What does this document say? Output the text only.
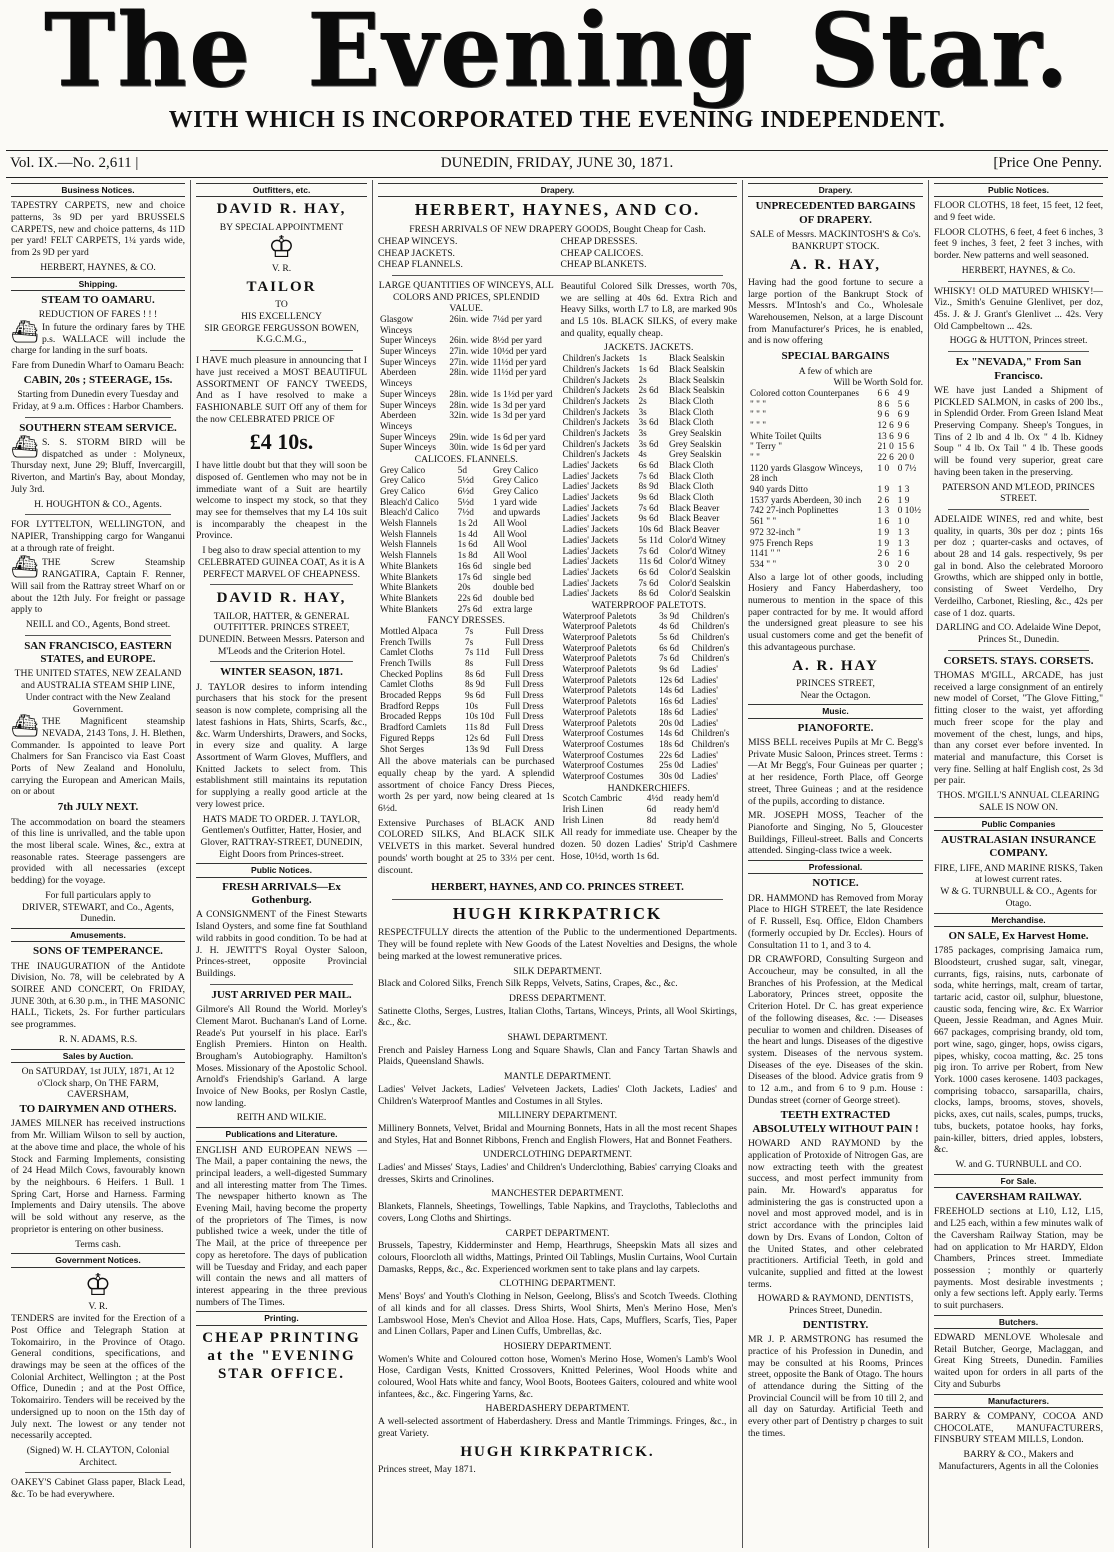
The Evening Star.
WITH WHICH IS INCORPORATED THE EVENING INDEPENDENT.
Vol. IX.—No. 2,611 |	DUNEDIN, FRIDAY, JUNE 30, 1871.	[Price One Penny.
Business Notices.
TAPESTRY CARPETS, new and choice patterns, 3s 9D per yard BRUSSELS CARPETS, new and choice patterns, 4s 11D per yard! FELT CARPETS, 1¼ yards wide, from 2s 9D per yard
HERBERT, HAYNES, & CO.
Shipping.
STEAM TO OAMARU.
REDUCTION OF FARES ! ! !
⛴ In future the ordinary fares by THE p.s. WALLACE will include the charge for landing in the surf boats.
Fare from Dunedin Wharf to Oamaru Beach:
CABIN, 20s ; STEERAGE, 15s.
Starting from Dunedin every Tuesday and Friday, at 9 a.m. Offices : Harbor Chambers.
SOUTHERN STEAM SERVICE.
⛴ S. S. STORM BIRD will be dispatched as under : Molyneux, Thursday next, June 29; Bluff, Invercargill, Riverton, and Martin's Bay, about Monday, July 3rd.
H. HOUGHTON & CO., Agents.
FOR LYTTELTON, WELLINGTON, and NAPIER, Transhipping cargo for Wanganui at a through rate of freight.
⛴ THE Screw Steamship RANGATIRA, Captain F. Renner, Will sail from the Rattray street Wharf on or about the 12th July. For freight or passage apply to
NEILL and CO., Agents, Bond street.
SAN FRANCISCO, EASTERN STATES, and EUROPE.
THE UNITED STATES, NEW ZEALAND and AUSTRALIA STEAM SHIP LINE, Under contract with the New Zealand Government.
⛴ THE Magnificent steamship NEVADA, 2143 Tons, J. H. Blethen, Commander. Is appointed to leave Port Chalmers for San Francisco via East Coast Ports of New Zealand and Honolulu, carrying the European and American Mails, on or about
7th JULY NEXT.
The accommodation on board the steamers of this line is unrivalled, and the table upon the most liberal scale. Wines, &c., extra at reasonable rates. Steerage passengers are provided with all necessaries (except bedding) for the voyage.
For full particulars apply to
DRIVER, STEWART, and Co., Agents, Dunedin.
Amusements.
SONS OF TEMPERANCE.
THE INAUGURATION of the Antidote Division, No. 78, will be celebrated by A SOIREE AND CONCERT, On FRIDAY, JUNE 30th, at 6.30 p.m., in THE MASONIC HALL, Tickets, 2s. For further particulars see programmes.
R. N. ADAMS, R.S.
Sales by Auction.
On SATURDAY, 1st JULY, 1871, At 12 o'Clock sharp, On THE FARM, CAVERSHAM,
TO DAIRYMEN AND OTHERS.
JAMES MILNER has received instructions from Mr. William Wilson to sell by auction, at the above time and place, the whole of his Stock and Farming Implements, consisting of 24 Head Milch Cows, favourably known by the neighbours. 6 Heifers. 1 Bull. 1 Spring Cart, Horse and Harness. Farming Implements and Dairy utensils. The above will be sold without any reserve, as the proprietor is entering on other business.
Terms cash.
Government Notices.
♔
V. R.
TENDERS are invited for the Erection of a Post Office and Telegraph Station at Tokomairiro, in the Province of Otago. General conditions, specifications, and drawings may be seen at the offices of the Colonial Architect, Wellington ; at the Post Office, Dunedin ; and at the Post Office, Tokomairiro. Tenders will be received by the undersigned up to noon on the 15th day of July next. The lowest or any tender not necessarily accepted.
(Signed) W. H. CLAYTON, Colonial Architect.
OAKEY'S Cabinet Glass paper, Black Lead, &c. To be had everywhere.
Outfitters, etc.
DAVID R. HAY,
BY SPECIAL APPOINTMENT
♔
V. R.
TAILOR
TO
HIS EXCELLENCY
SIR GEORGE FERGUSSON BOWEN, K.G.C.M.G.,
I HAVE much pleasure in announcing that I have just received a MOST BEAUTIFUL ASSORTMENT OF FANCY TWEEDS, And as I have resolved to make a FASHIONABLE SUIT Off any of them for the now CELEBRATED PRICE OF
£4 10s.
I have little doubt but that they will soon be disposed of. Gentlemen who may not be in immediate want of a Suit are heartily welcome to inspect my stock, so that they may see for themselves that my L4 10s suit is incomparably the cheapest in the Province.
I beg also to draw special attention to my CELEBRATED GUINEA COAT, As it is A PERFECT MARVEL OF CHEAPNESS.
DAVID R. HAY,
TAILOR, HATTER, & GENERAL OUTFITTER. PRINCES STREET, DUNEDIN. Between Messrs. Paterson and M'Leods and the Criterion Hotel.
WINTER SEASON, 1871.
J. TAYLOR desires to inform intending purchasers that his stock for the present season is now complete, comprising all the latest fashions in Hats, Shirts, Scarfs, &c., &c. Warm Undershirts, Drawers, and Socks, in every size and quality. A large Assortment of Warm Gloves, Mufflers, and Knitted Jackets to select from. This establishment still maintains its reputation for supplying a really good article at the very lowest price.
HATS MADE TO ORDER. J. TAYLOR, Gentlemen's Outfitter, Hatter, Hosier, and Glover, RATTRAY-STREET, DUNEDIN, Eight Doors from Princes-street.
Public Notices.
FRESH ARRIVALS—Ex Gothenburg.
A CONSIGNMENT of the Finest Stewarts Island Oysters, and some fine fat Southland wild rabbits in good condition. To be had at J. H. JEWITT'S Royal Oyster Saloon, Princes-street, opposite Provincial Buildings.
JUST ARRIVED PER MAIL.
Gilmore's All Round the World. Morley's Clement Marot. Buchanan's Land of Lorne. Reade's Put yourself in his place. Earl's English Premiers. Hinton on Health. Brougham's Autobiography. Hamilton's Moses. Missionary of the Apostolic School. Arnold's Friendship's Garland. A large Invoice of New Books, per Roslyn Castle, now landing.
REITH AND WILKIE.
Publications and Literature.
ENGLISH AND EUROPEAN NEWS —The Mail, a paper containing the news, the principal leaders, a well-digested Summary and all interesting matter from The Times. The newspaper hitherto known as The Evening Mail, having become the property of the proprietors of The Times, is now published twice a week, under the title of The Mail, at the price of threepence per copy as heretofore. The days of publication will be Tuesday and Friday, and each paper will contain the news and all matters of interest appearing in the three previous numbers of The Times.
Printing.
CHEAP PRINTING at the "EVENING STAR OFFICE.
Drapery.
HERBERT, HAYNES, AND CO.
FRESH ARRIVALS OF NEW DRAPERY GOODS, Bought Cheap for Cash.
CHEAP WINCEYS.
CHEAP JACKETS.
CHEAP FLANNELS.
CHEAP DRESSES.
CHEAP CALICOES.
CHEAP BLANKETS.
LARGE QUANTITIES OF WINCEYS, ALL COLORS AND PRICES, SPLENDID VALUE.
Glasgow Winceys	26in. wide	7¼d per yard
Super Winceys	26in. wide	8½d per yard
Super Winceys	27in. wide	10½d per yard
Super Winceys	27in. wide	11½d per yard
Aberdeen Winceys	28in. wide	11½d per yard
Super Winceys	28in. wide	1s 1½d per yard
Super Winceys	28in. wide	1s 3d per yard
Aberdeen Winceys	32in. wide	1s 3d per yard
Super Winceys	29in. wide	1s 6d per yard
Super Winceys	30in. wide	1s 6d per yard
CALICOES. FLANNELS.
Grey Calico	5d	Grey Calico
Grey Calico	5½d	Grey Calico
Grey Calico	6½d	Grey Calico
Bleach'd Calico	5½d	1 yard wide
Bleach'd Calico	7½d	and upwards
Welsh Flannels	1s 2d	All Wool
Welsh Flannels	1s 4d	All Wool
Welsh Flannels	1s 6d	All Wool
Welsh Flannels	1s 8d	All Wool
White Blankets	16s 6d	single bed
White Blankets	17s 6d	single bed
White Blankets	20s	double bed
White Blankets	22s 6d	double bed
White Blankets	27s 6d	extra large
FANCY DRESSES.
Mottled Alpaca	7s	Full Dress
French Twills	7s	Full Dress
Camlet Cloths	7s 11d	Full Dress
French Twills	8s	Full Dress
Checked Poplins	8s 6d	Full Dress
Camlet Cloths	8s 9d	Full Dress
Brocaded Repps	9s 6d	Full Dress
Bradford Repps	10s	Full Dress
Brocaded Repps	10s 10d	Full Dress
Bradford Camlets	11s 8d	Full Dress
Figured Repps	12s 6d	Full Dress
Shot Serges	13s 9d	Full Dress
All the above materials can be purchased equally cheap by the yard. A splendid assortment of choice Fancy Dress Pieces, worth 2s per yard, now being cleared at 1s 6½d.
Extensive Purchases of BLACK AND COLORED SILKS, And BLACK SILK VELVETS in this market. Several hundred pounds' worth bought at 25 to 33⅓ per cent. discount.
Beautiful Colored Silk Dresses, worth 70s, we are selling at 40s 6d. Extra Rich and Heavy Silks, worth L7 to L8, are marked 90s and L5 10s. BLACK SILKS, of every make and quality, equally cheap.
JACKETS. JACKETS.
Children's Jackets	1s	Black Sealskin
Children's Jackets	1s 6d	Black Sealskin
Children's Jackets	2s	Black Sealskin
Children's Jackets	2s 6d	Black Sealskin
Children's Jackets	2s	Black Cloth
Children's Jackets	3s	Black Cloth
Children's Jackets	3s 6d	Black Cloth
Children's Jackets	3s	Grey Sealskin
Children's Jackets	3s 6d	Grey Sealskin
Children's Jackets	4s	Grey Sealskin
Ladies' Jackets	6s 6d	Black Cloth
Ladies' Jackets	7s 6d	Black Cloth
Ladies' Jackets	8s 9d	Black Cloth
Ladies' Jackets	9s 6d	Black Cloth
Ladies' Jackets	7s 6d	Black Beaver
Ladies' Jackets	9s 6d	Black Beaver
Ladies' Jackets	10s 6d	Black Beaver
Ladies' Jackets	5s 11d	Color'd Witney
Ladies' Jackets	7s 6d	Color'd Witney
Ladies' Jackets	11s 6d	Color'd Witney
Ladies' Jackets	6s 6d	Color'd Sealskin
Ladies' Jackets	7s 6d	Color'd Sealskin
Ladies' Jackets	8s 6d	Color'd Sealskin
WATERPROOF PALETOTS.
Waterproof Paletots	3s 9d	Children's
Waterproof Paletots	4s 6d	Children's
Waterproof Paletots	5s 6d	Children's
Waterproof Paletots	6s 6d	Children's
Waterproof Paletots	7s 6d	Children's
Waterproof Paletots	9s 6d	Ladies'
Waterproof Paletots	12s 6d	Ladies'
Waterproof Paletots	14s 6d	Ladies'
Waterproof Paletots	16s 6d	Ladies'
Waterproof Paletots	18s 6d	Ladies'
Waterproof Paletots	20s 0d	Ladies'
Waterproof Costumes	14s 6d	Children's
Waterproof Costumes	18s 6d	Children's
Waterproof Costumes	22s 6d	Ladies'
Waterproof Costumes	25s 0d	Ladies'
Waterproof Costumes	30s 0d	Ladies'
HANDKERCHIEFS.
Scotch Cambric	4½d	ready hem'd
Irish Linen	6d	ready hem'd
Irish Linen	8d	ready hem'd
All ready for immediate use. Cheaper by the dozen. 50 dozen Ladies' Strip'd Cashmere Hose, 10½d, worth 1s 6d.
HERBERT, HAYNES, AND CO. PRINCES STREET.
HUGH KIRKPATRICK
RESPECTFULLY directs the attention of the Public to the undermentioned Departments. They will be found replete with New Goods of the Latest Novelties and Designs, the whole being marked at the lowest remunerative prices.
SILK DEPARTMENT.
Black and Colored Silks, French Silk Repps, Velvets, Satins, Crapes, &c., &c.
DRESS DEPARTMENT.
Satinette Cloths, Serges, Lustres, Italian Cloths, Tartans, Winceys, Prints, all Wool Skirtings, &c., &c.
SHAWL DEPARTMENT.
French and Paisley Harness Long and Square Shawls, Clan and Fancy Tartan Shawls and Plaids, Queensland Shawls.
MANTLE DEPARTMENT.
Ladies' Velvet Jackets, Ladies' Velveteen Jackets, Ladies' Cloth Jackets, Ladies' and Children's Waterproof Mantles and Costumes in all Styles.
MILLINERY DEPARTMENT.
Millinery Bonnets, Velvet, Bridal and Mourning Bonnets, Hats in all the most recent Shapes and Styles, Hat and Bonnet Ribbons, French and English Flowers, Hat and Bonnet Feathers.
UNDERCLOTHING DEPARTMENT.
Ladies' and Misses' Stays, Ladies' and Children's Underclothing, Babies' carrying Cloaks and dresses, Skirts and Crinolines.
MANCHESTER DEPARTMENT.
Blankets, Flannels, Sheetings, Towellings, Table Napkins, and Traycloths, Tablecloths and covers, Long Cloths and Shirtings.
CARPET DEPARTMENT.
Brussels, Tapestry, Kidderminster and Hemp, Hearthrugs, Sheepskin Mats all sizes and colours, Floorcloth all widths, Mattings, Printed Oil Tablings, Muslin Curtains, Wool Curtain Damasks, Repps, &c., &c. Experienced workmen sent to take plans and lay carpets.
CLOTHING DEPARTMENT.
Mens' Boys' and Youth's Clothing in Nelson, Geelong, Bliss's and Scotch Tweeds. Clothing of all kinds and for all classes. Dress Shirts, Wool Shirts, Men's Merino Hose, Men's Lambswool Hose, Men's Cheviot and Alloa Hose. Hats, Caps, Mufflers, Scarfs, Ties, Paper and Linen Collars, Paper and Linen Cuffs, Umbrellas, &c.
HOSIERY DEPARTMENT.
Women's White and Coloured cotton hose, Women's Merino Hose, Women's Lamb's Wool Hose, Cardigan Vests, Knitted Crossovers, Knitted Pelerines, Wool Hoods white and coloured, Wool Hats white and fancy, Wool Boots, Bootees Gaiters, coloured and white wool infantees, &c., &c. Fingering Yarns, &c.
HABERDASHERY DEPARTMENT.
A well-selected assortment of Haberdashery. Dress and Mantle Trimmings. Fringes, &c., in great Variety.
HUGH KIRKPATRICK.
Princes street, May 1871.
Drapery.
UNPRECEDENTED BARGAINS OF DRAPERY.
SALE of Messrs. MACKINTOSH'S & Co's. BANKRUPT STOCK.
A. R. HAY,
Having had the good fortune to secure a large portion of the Bankrupt Stock of Messrs. M'Intosh's and Co., Wholesale Warehousemen, Nelson, at a large Discount from Manufacturer's Prices, he is enabled, and is now offering
SPECIAL BARGAINS
A few of which are
Will be Worth Sold for.
Colored cotton Counterpanes	6 6	4 9
" " "	8 6	5 6
" " "	9 6	6 9
" " "	12 6	9 6
White Toilet Quilts	13 6	9 6
" Terry "	21 0	15 6
" "	22 6	20 0
1120 yards Glasgow Winceys, 28 inch	1 0	0 7½
940 yards Ditto	1 9	1 3
1537 yards Aberdeen, 30 inch	2 6	1 9
742 27-inch Poplinettes	1 3	0 10½
561 " "	1 6	1 0
972 32-inch "	1 9	1 3
975 French Reps	1 9	1 3
1141 " "	2 6	1 6
534 " "	3 0	2 0
Also a large lot of other goods, including Hosiery and Fancy Haberdashery, too numerous to mention in the space of this paper contracted for by me. It would afford the undersigned great pleasure to see his usual customers come and get the benefit of this advantageous purchase.
A. R. HAY
PRINCES STREET,
Near the Octagon.
Music.
PIANOFORTE.
MISS BELL receives Pupils at Mr C. Begg's Private Music Saloon, Princes street. Terms :—At Mr Begg's, Four Guineas per quarter ; at her residence, Forth Place, off George street, Three Guineas ; and at the residence of the pupils, according to distance.
MR. JOSEPH MOSS, Teacher of the Pianoforte and Singing, No 5, Gloucester Buildings, Filleul-street. Balls and Concerts attended. Singing-class twice a week.
Professional.
NOTICE.
DR. HAMMOND has Removed from Moray Place to HIGH STREET, the late Residence of F. Russell, Esq. Office, Eldon Chambers (formerly occupied by Dr. Eccles). Hours of Consultation 11 to 1, and 3 to 4.
DR CRAWFORD, Consulting Surgeon and Accoucheur, may be consulted, in all the Branches of his Profession, at the Medical Laboratory, Princes street, opposite the Criterion Hotel. Dr C. has great experience of the following diseases, &c. :— Diseases peculiar to women and children. Diseases of the heart and lungs. Diseases of the digestive system. Diseases of the nervous system. Diseases of the eye. Diseases of the skin. Diseases of the blood. Advice gratis from 9 to 12 a.m., and from 6 to 9 p.m. House : Dundas street (corner of George street).
TEETH EXTRACTED ABSOLUTELY WITHOUT PAIN !
HOWARD AND RAYMOND by the application of Protoxide of Nitrogen Gas, are now extracting teeth with the greatest success, and most perfect immunity from pain. Mr. Howard's apparatus for administering the gas is constructed upon a novel and most approved model, and is in strict accordance with the principles laid down by Drs. Evans of London, Colton of the United States, and other celebrated practitioners. Artificial Teeth, in gold and vulcanite, supplied and fitted at the lowest terms.
HOWARD & RAYMOND, DENTISTS, Princes Street, Dunedin.
DENTISTRY.
MR J. P. ARMSTRONG has resumed the practice of his Profession in Dunedin, and may be consulted at his Rooms, Princes street, opposite the Bank of Otago. The hours of attendance during the Sitting of the Provincial Council will be from 10 till 2, and all day on Saturday. Artificial Teeth and every other part of Dentistry p charges to suit the times.
Public Notices.
FLOOR CLOTHS, 18 feet, 15 feet, 12 feet, and 9 feet wide.
FLOOR CLOTHS, 6 feet, 4 feet 6 inches, 3 feet 9 inches, 3 feet, 2 feet 3 inches, with border. New patterns and well seasoned.
HERBERT, HAYNES, & Co.
WHISKY! OLD MATURED WHISKY!—Viz., Smith's Genuine Glenlivet, per doz, 45s. J. & J. Grant's Glenlivet ... 42s. Very Old Campbeltown ... 42s.
HOGG & HUTTON, Princes street.
Ex "NEVADA," From San Francisco.
WE have just Landed a Shipment of PICKLED SALMON, in casks of 200 lbs., in Splendid Order. From Green Island Meat Preserving Company. Sheep's Tongues, in Tins of 2 lb and 4 lb. Ox " 4 lb. Kidney Soup " 4 lb. Ox Tail " 4 lb. These goods will be found very superior, great care having been taken in the preserving.
PATERSON AND M'LEOD, PRINCES STREET.
ADELAIDE WINES, red and white, best quality, in quarts, 30s per doz ; pints 16s per doz ; quarter-casks and octaves, of about 28 and 14 gals. respectively, 9s per gal in bond. Also the celebrated Morooro Growths, which are shipped only in bottle, consisting of Sweet Verdelho, Dry Verdeilho, Carbonet, Riesling, &c., 42s per case of 1 doz. quarts.
DARLING and CO. Adelaide Wine Depot, Princes St., Dunedin.
CORSETS. STAYS. CORSETS.
THOMAS M'GILL, ARCADE, has just received a large consignment of an entirely new model of Corset, "The Glove Fitting," fitting closer to the waist, yet affording much freer scope for the play and movement of the chest, lungs, and hips, than any corset ever before invented. In material and manufacture, this Corset is very fine. Selling at half English cost, 2s 3d per pair.
THOS. M'GILL'S ANNUAL CLEARING SALE IS NOW ON.
Public Companies
AUSTRALASIAN INSURANCE COMPANY.
FIRE, LIFE, AND MARINE RISKS, Taken at lowest current rates.
W & G. TURNBULL & CO., Agents for Otago.
Merchandise.
ON SALE, Ex Harvest Home.
1785 packages, comprising Jamaica rum, Bloodsteurt, crushed sugar, salt, vinegar, currants, figs, raisins, nuts, carbonate of soda, white herrings, malt, cream of tartar, tartaric acid, castor oil, sulphur, bluestone, caustic soda, fencing wire, &c. Ex Warrior Queen, Jessie Readman, and Agnes Muir. 667 packages, comprising brandy, old tom, port wine, sago, ginger, hops, owiss cigars, pipes, whisky, cocoa matting, &c. 25 tons pig iron. To arrive per Robert, from New York. 1000 cases kerosene. 1403 packages, comprising tobacco, sarsaparilla, chairs, clocks, lamps, brooms, stoves, shovels, picks, axes, cut nails, scales, pumps, trucks, tubs, buckets, potatoe hooks, hay forks, pain-killer, bitters, dried apples, lobsters, &c.
W. and G. TURNBULL and CO.
For Sale.
CAVERSHAM RAILWAY.
FREEHOLD sections at L10, L12, L15, and L25 each, within a few minutes walk of the Caversham Railway Station, may be had on application to Mr HARDY, Eldon Chambers, Princes street. Immediate possession ; monthly or quarterly payments. Most desirable investments ; only a few sections left. Apply early. Terms to suit purchasers.
Butchers.
EDWARD MENLOVE Wholesale and Retail Butcher, George, Maclaggan, and Great King Streets, Dunedin. Families waited upon for orders in all parts of the City and Suburbs
Manufacturers.
BARRY & COMPANY, COCOA AND CHOCOLATE, MANUFACTURERS, FINSBURY STEAM MILLS, London.
BARRY & CO., Makers and Manufacturers, Agents in all the Colonies
